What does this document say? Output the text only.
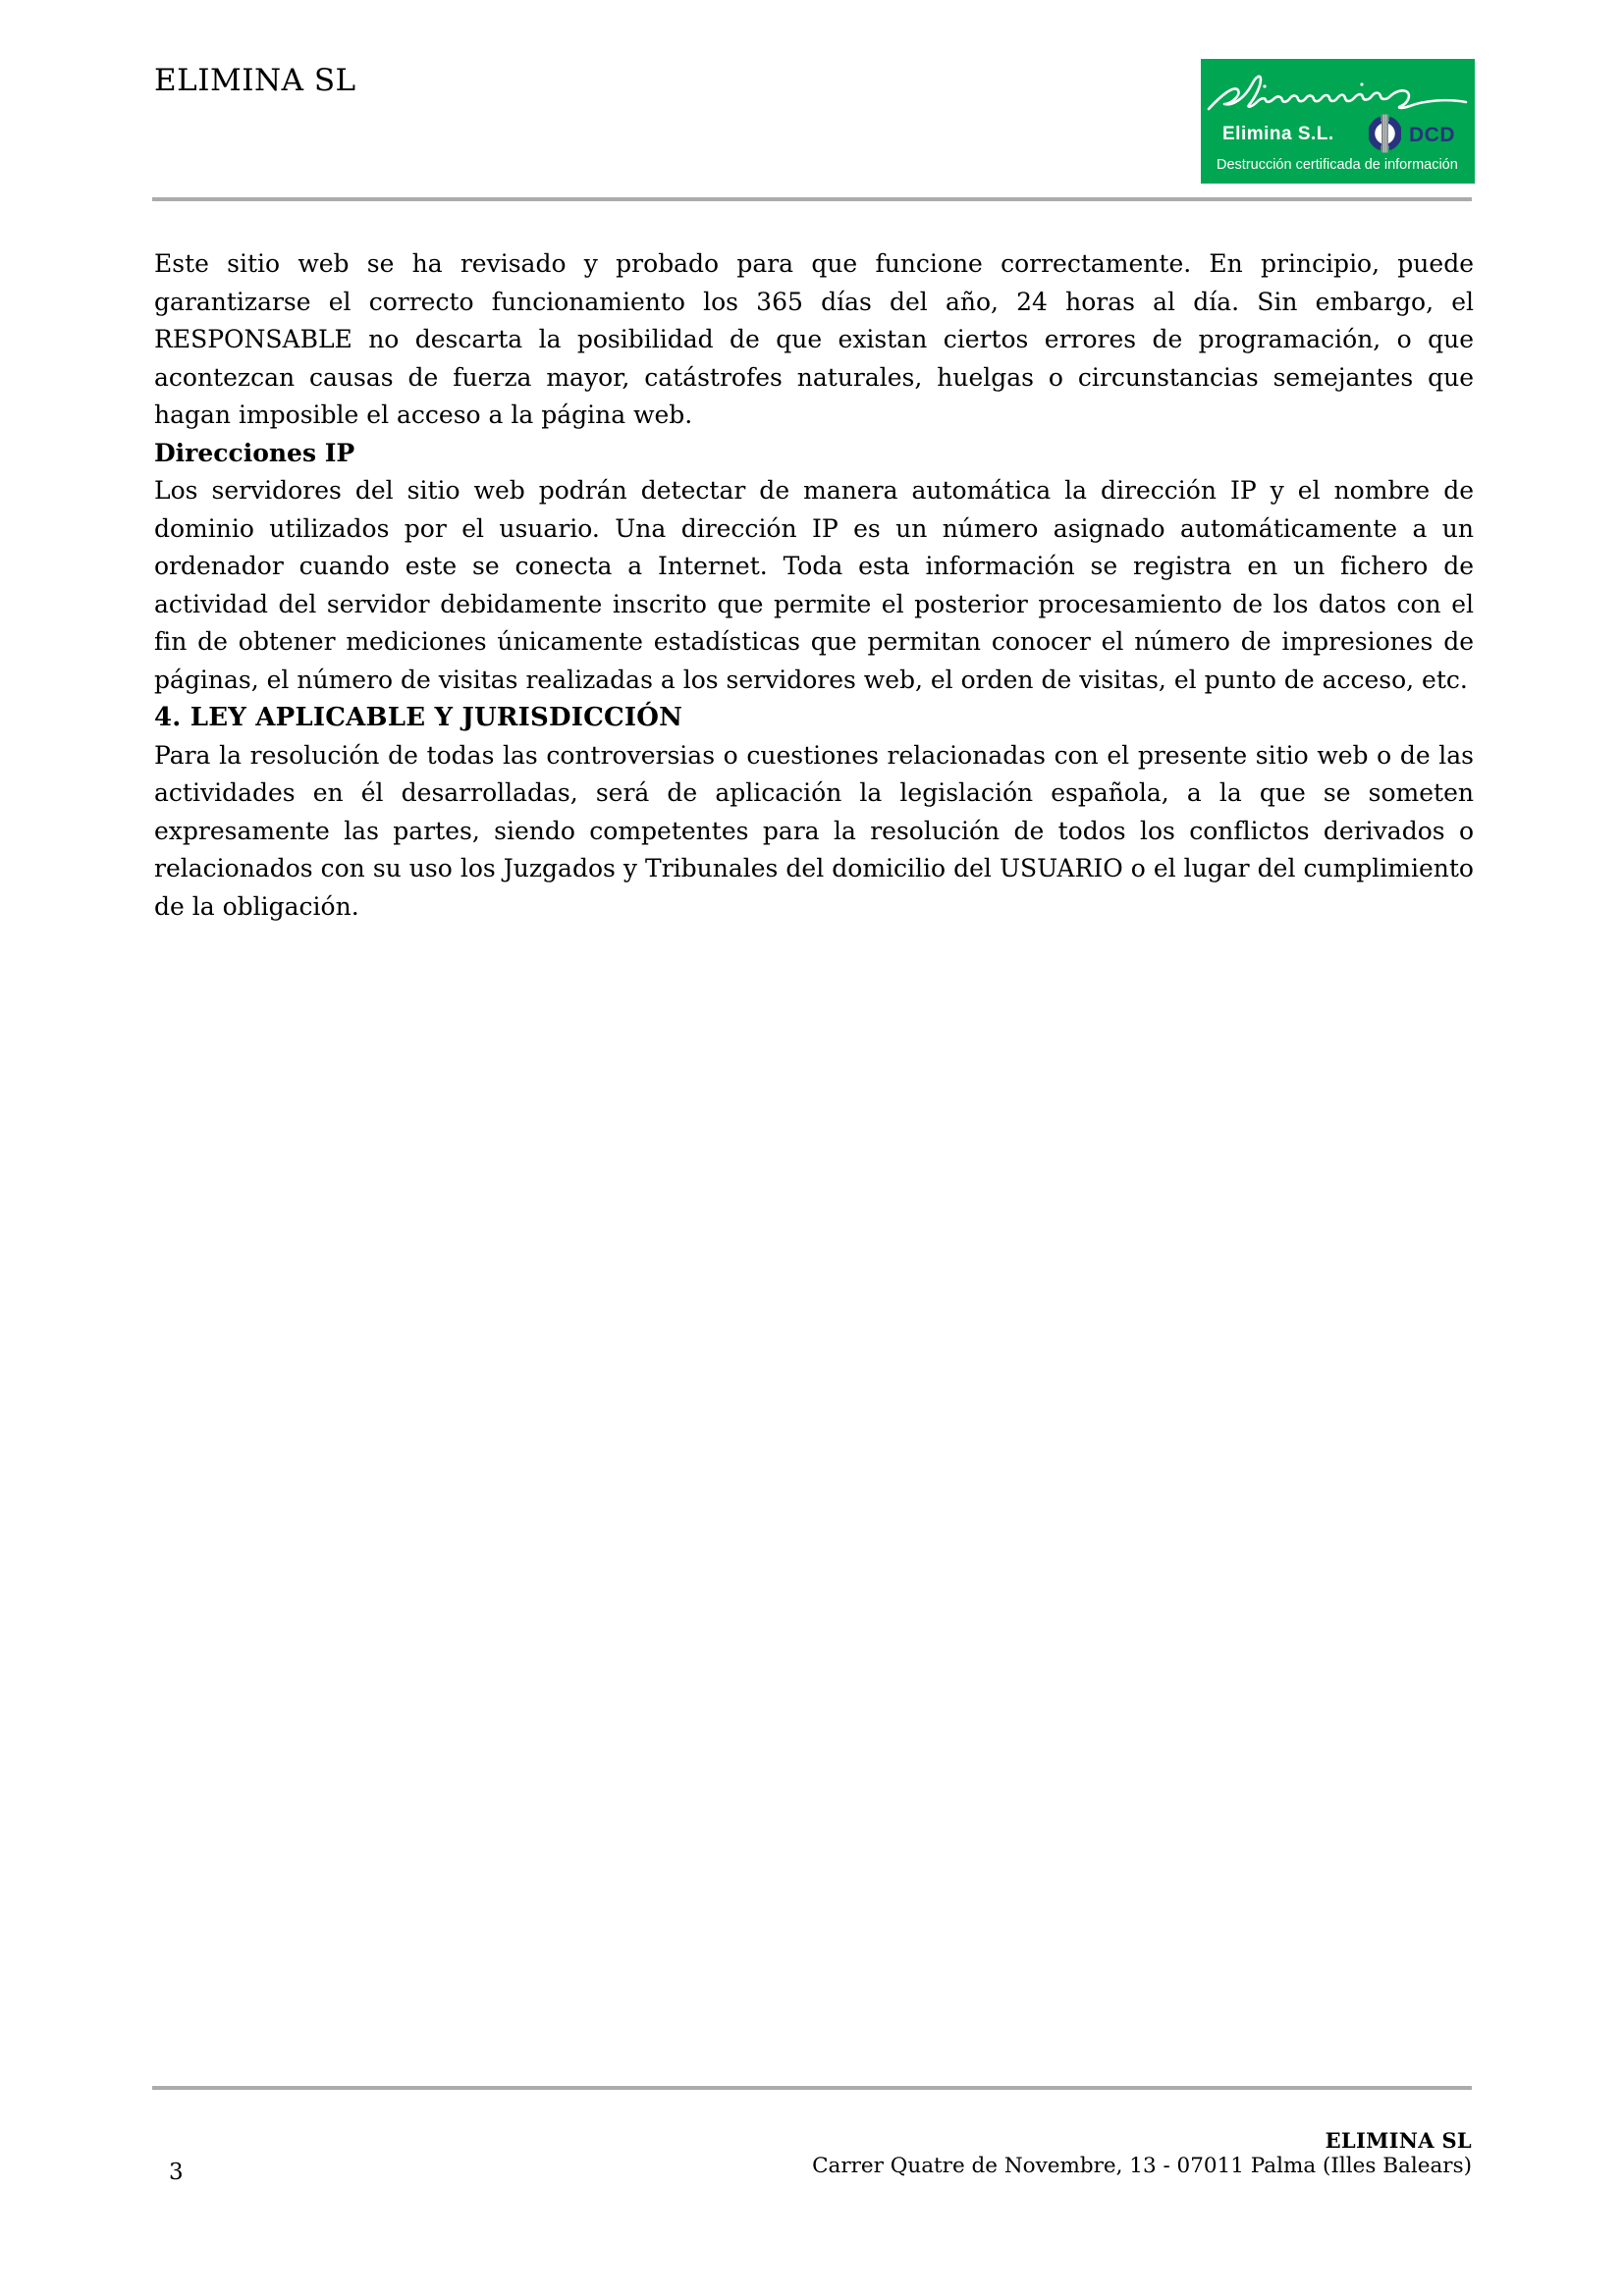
ELIMINA SL
Elimina S.L.	DCD
Destrucción certificada de información

Este sitio web se ha revisado y probado para que funcione correctamente. En principio, puede garantizarse el correcto funcionamiento los 365 días del año, 24 horas al día. Sin embargo, el RESPONSABLE no descarta la posibilidad de que existan ciertos errores de programación, o que acontezcan causas de fuerza mayor, catástrofes naturales, huelgas o circunstancias semejantes que hagan imposible el acceso a la página web.

Direcciones IP

Los servidores del sitio web podrán detectar de manera automática la dirección IP y el nombre de dominio utilizados por el usuario. Una dirección IP es un número asignado automáticamente a un ordenador cuando este se conecta a Internet. Toda esta información se registra en un fichero de actividad del servidor debidamente inscrito que permite el posterior procesamiento de los datos con el fin de obtener mediciones únicamente estadísticas que permitan conocer el número de impresiones de páginas, el número de visitas realizadas a los servidores web, el orden de visitas, el punto de acceso, etc.

4. LEY APLICABLE Y JURISDICCIÓN

Para la resolución de todas las controversias o cuestiones relacionadas con el presente sitio web o de las actividades en él desarrolladas, será de aplicación la legislación española, a la que se someten expresamente las partes, siendo competentes para la resolución de todos los conflictos derivados o relacionados con su uso los Juzgados y Tribunales del domicilio del USUARIO o el lugar del cumplimiento de la obligación.

ELIMINA SL
Carrer Quatre de Novembre, 13 - 07011 Palma (Illes Balears)
3
